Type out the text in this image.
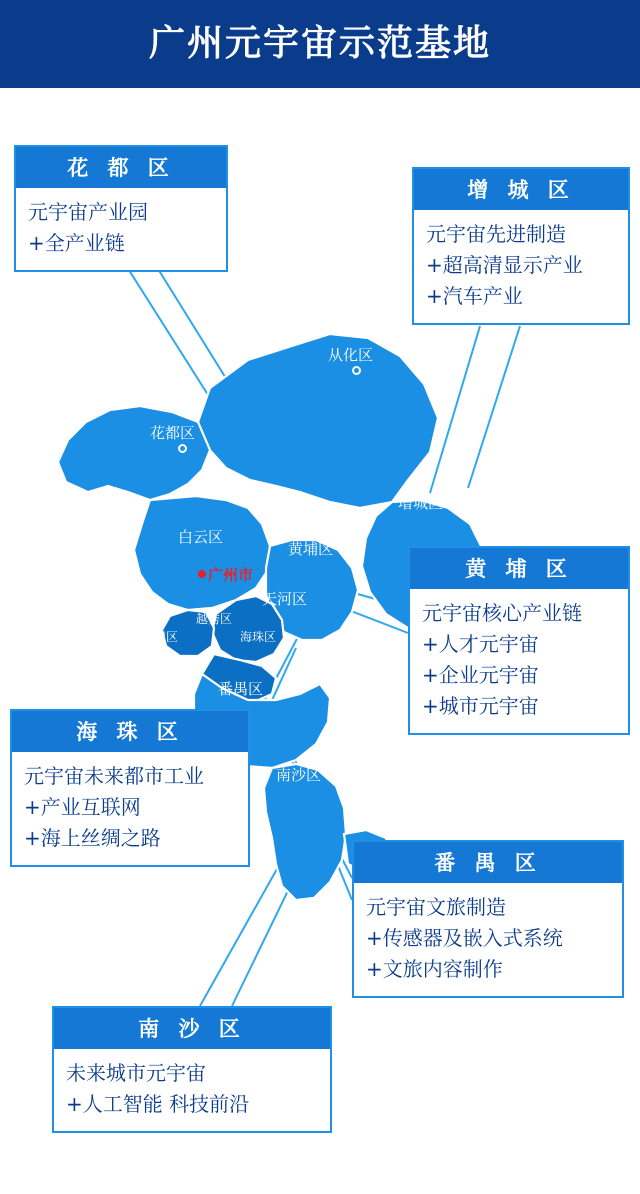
广州元宇宙示范基地
从化区
花都区
白云区
黄埔区
增城区
天河区
越秀区
荔湾区	海珠区
番禺区
南沙区
广州市
花 都 区
元宇宙产业园
+全产业链
增 城 区
元宇宙先进制造
+超高清显示产业
+汽车产业
黄 埔 区
元宇宙核心产业链
+人才元宇宙
+企业元宇宙
+城市元宇宙
海 珠 区
元宇宙未来都市工业
+产业互联网
+海上丝绸之路
番 禺 区
元宇宙文旅制造
+传感器及嵌入式系统
+文旅内容制作
南 沙 区
未来城市元宇宙
+人工智能 科技前沿
